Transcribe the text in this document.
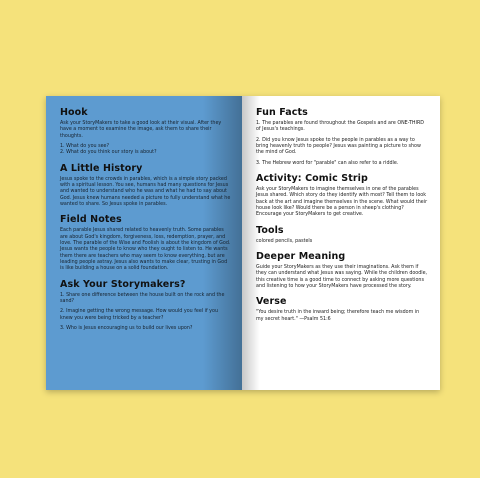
Hook

Ask your StoryMakers to take a good look at their visual. After they have a moment to examine the image, ask them to share their thoughts.

1. What do you see?

2. What do you think our story is about?

A Little History

Jesus spoke to the crowds in parables, which is a simple story packed with a spiritual lesson. You see, humans had many questions for Jesus and wanted to understand who he was and what he had to say about God. Jesus knew humans needed a picture to fully understand what he wanted to share. So Jesus spoke in parables.

Field Notes

Each parable Jesus shared related to heavenly truth. Some parables are about God's kingdom, forgiveness, loss, redemption, prayer, and love. The parable of the Wise and Foolish is about the kingdom of God. Jesus wants the people to know who they ought to listen to. He wants them there are teachers who may seem to know everything, but are leading people astray. Jesus also wants to make clear, trusting in God is like building a house on a solid foundation.

Ask Your Storymakers?

1. Share one difference between the house built on the rock and the sand?

2. Imagine getting the wrong message. How would you feel if you knew you were being tricked by a teacher?

3. Who is Jesus encouraging us to build our lives upon?

Fun Facts

1. The parables are found throughout the Gospels and are ONE-THIRD of Jesus's teachings.

2. Did you know Jesus spoke to the people in parables as a way to bring heavenly truth to people? Jesus was painting a picture to show the mind of God.

3. The Hebrew word for "parable" can also refer to a riddle.

Activity: Comic Strip

Ask your StoryMakers to imagine themselves in one of the parables Jesus shared. Which story do they identify with most? Tell them to look back at the art and imagine themselves in the scene. What would their house look like? Would there be a person in sheep's clothing? Encourage your StoryMakers to get creative.

Tools

colored pencils, pastels

Deeper Meaning

Guide your StoryMakers as they use their imaginations. Ask them if they can understand what Jesus was saying. While the children doodle, this creative time is a good time to connect by asking more questions and listening to how your StoryMakers have processed the story.

Verse

"You desire truth in the inward being; therefore teach me wisdom in my secret heart." —Psalm 51:6
